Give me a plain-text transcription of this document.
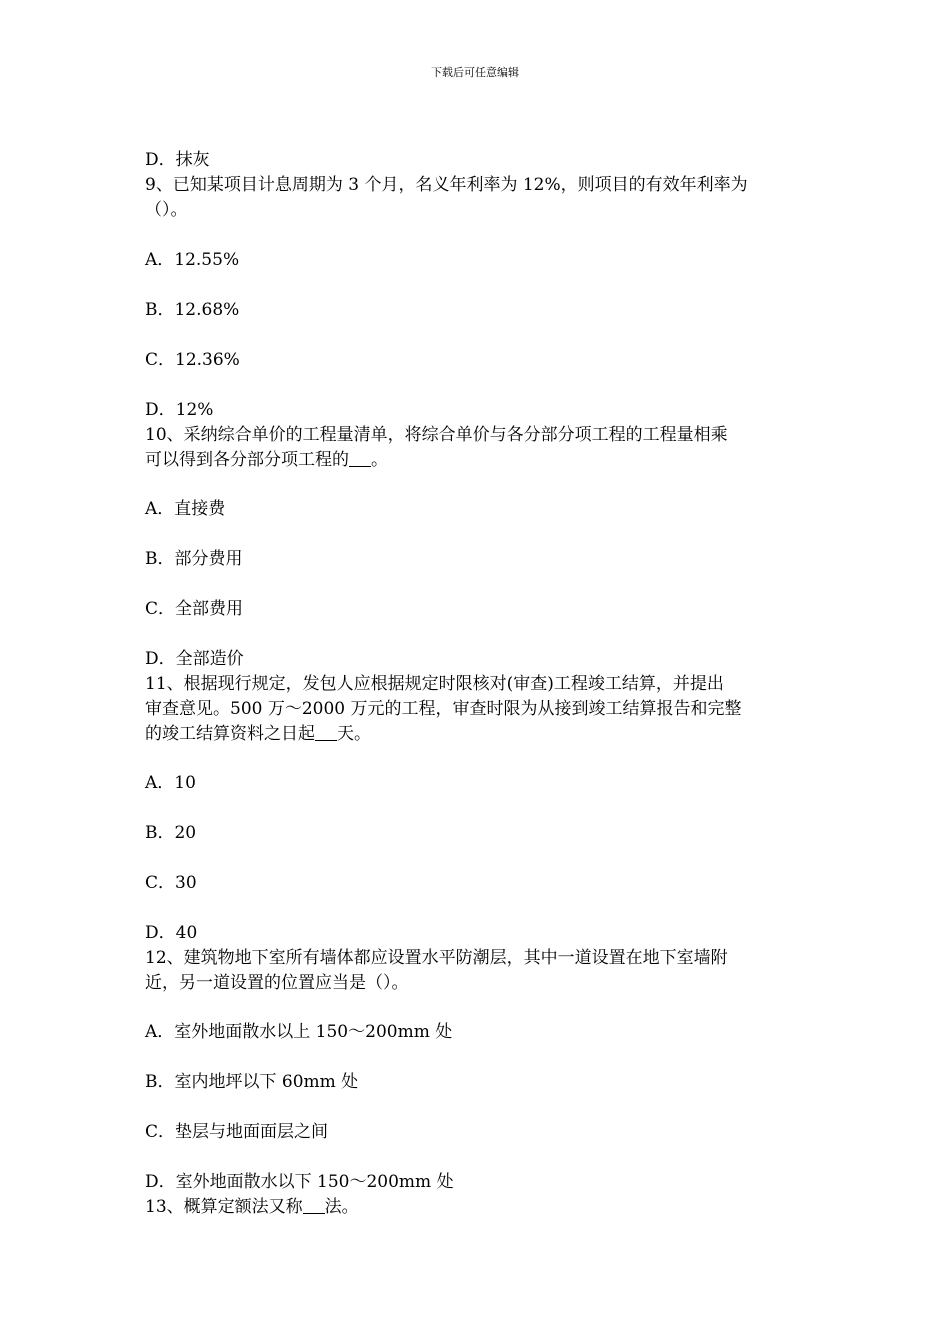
下载后可任意编辑
D．抹灰
9、已知某项目计息周期为 3 个月，名义年利率为 12%，则项目的有效年利率为
（）。
A．12.55%
B．12.68%
C．12.36%
D．12%
10、采纳综合单价的工程量清单，将综合单价与各分部分项工程的工程量相乘
可以得到各分部分项工程的 。
A．直接费
B．部分费用
C．全部费用
D．全部造价
11、根据现行规定，发包人应根据规定时限核对(审查)工程竣工结算，并提出
审查意见。500 万～2000 万元的工程，审查时限为从接到竣工结算报告和完整
的竣工结算资料之日起 天。
A．10
B．20
C．30
D．40
12、建筑物地下室所有墙体都应设置水平防潮层，其中一道设置在地下室墙附
近，另一道设置的位置应当是（）。
A．室外地面散水以上 150～200mm 处
B．室内地坪以下 60mm 处
C．垫层与地面面层之间
D．室外地面散水以下 150～200mm 处
13、概算定额法又称 法。
